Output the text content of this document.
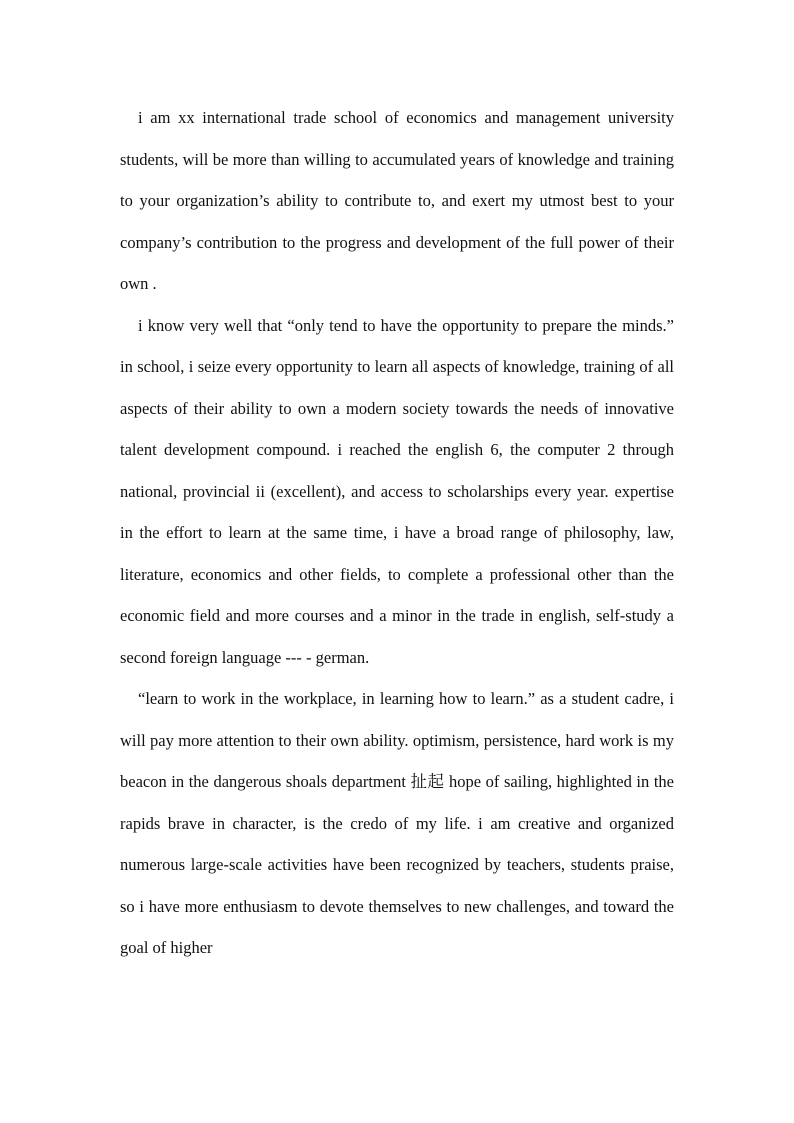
i am xx international trade school of economics and management university students, will be more than willing to accumulated years of knowledge and training to your organization’s ability to contribute to, and exert my utmost best to your company’s contribution to the progress and development of the full power of their own .

i know very well that “only tend to have the opportunity to prepare the minds.” in school, i seize every opportunity to learn all aspects of knowledge, training of all aspects of their ability to own a modern society towards the needs of innovative talent development compound. i reached the english 6, the computer 2 through national, provincial ii (excellent), and access to scholarships every year. expertise in the effort to learn at the same time, i have a broad range of philosophy, law, literature, economics and other fields, to complete a professional other than the economic field and more courses and a minor in the trade in english, self-study a second foreign language --- - german.

“learn to work in the workplace, in learning how to learn.” as a student cadre, i will pay more attention to their own ability. optimism, persistence, hard work is my beacon in the dangerous shoals department 扯起 hope of sailing, highlighted in the rapids brave in character, is the credo of my life. i am creative and organized numerous large-scale activities have been recognized by teachers, students praise, so i have more enthusiasm to devote themselves to new challenges, and toward the goal of higher
